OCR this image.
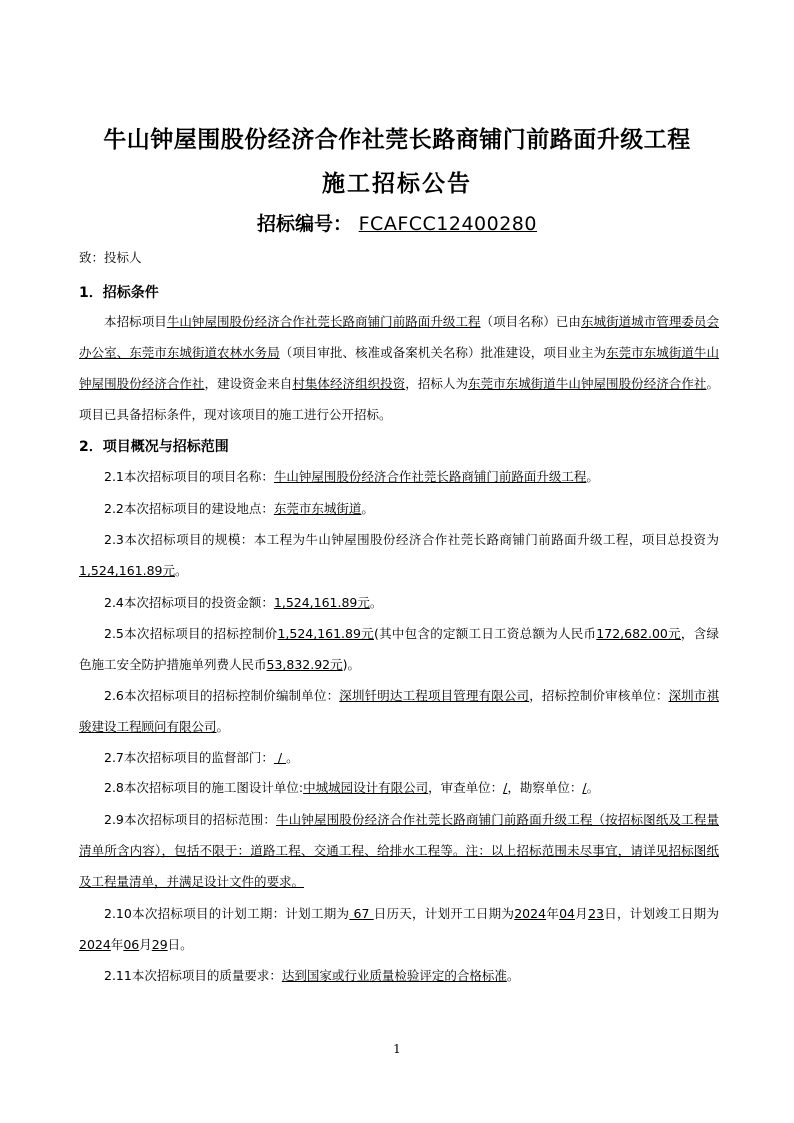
牛山钟屋围股份经济合作社莞长路商铺门前路面升级工程
施工招标公告
招标编号： FCAFCC12400280
致：投标人
1．招标条件
本招标项目牛山钟屋围股份经济合作社莞长路商铺门前路面升级工程（项目名称）已由东城街道城市管理委员会办公室、东莞市东城街道农林水务局（项目审批、核准或备案机关名称）批准建设，项目业主为东莞市东城街道牛山钟屋围股份经济合作社，建设资金来自村集体经济组织投资，招标人为东莞市东城街道牛山钟屋围股份经济合作社。项目已具备招标条件，现对该项目的施工进行公开招标。
2．项目概况与招标范围
2.1本次招标项目的项目名称：牛山钟屋围股份经济合作社莞长路商铺门前路面升级工程。
2.2本次招标项目的建设地点：东莞市东城街道。
2.3本次招标项目的规模：本工程为牛山钟屋围股份经济合作社莞长路商铺门前路面升级工程，项目总投资为1,524,161.89元。
2.4本次招标项目的投资金额：1,524,161.89元。
2.5本次招标项目的招标控制价1,524,161.89元(其中包含的定额工日工资总额为人民币172,682.00元，含绿色施工安全防护措施单列费人民币53,832.92元)。
2.6本次招标项目的招标控制价编制单位：深圳钎明达工程项目管理有限公司，招标控制价审核单位：深圳市祺骏建设工程顾问有限公司。
2.7本次招标项目的监督部门： / 。
2.8本次招标项目的施工图设计单位:中城城园设计有限公司，审查单位：/，勘察单位：/。
2.9本次招标项目的招标范围：牛山钟屋围股份经济合作社莞长路商铺门前路面升级工程（按招标图纸及工程量清单所含内容），包括不限于：道路工程、交通工程、给排水工程等。注：以上招标范围未尽事宜，请详见招标图纸及工程量清单，并满足设计文件的要求。
2.10本次招标项目的计划工期：计划工期为 67 日历天，计划开工日期为2024年04月23日，计划竣工日期为2024年06月29日。
2.11本次招标项目的质量要求：达到国家或行业质量检验评定的合格标准。
1
